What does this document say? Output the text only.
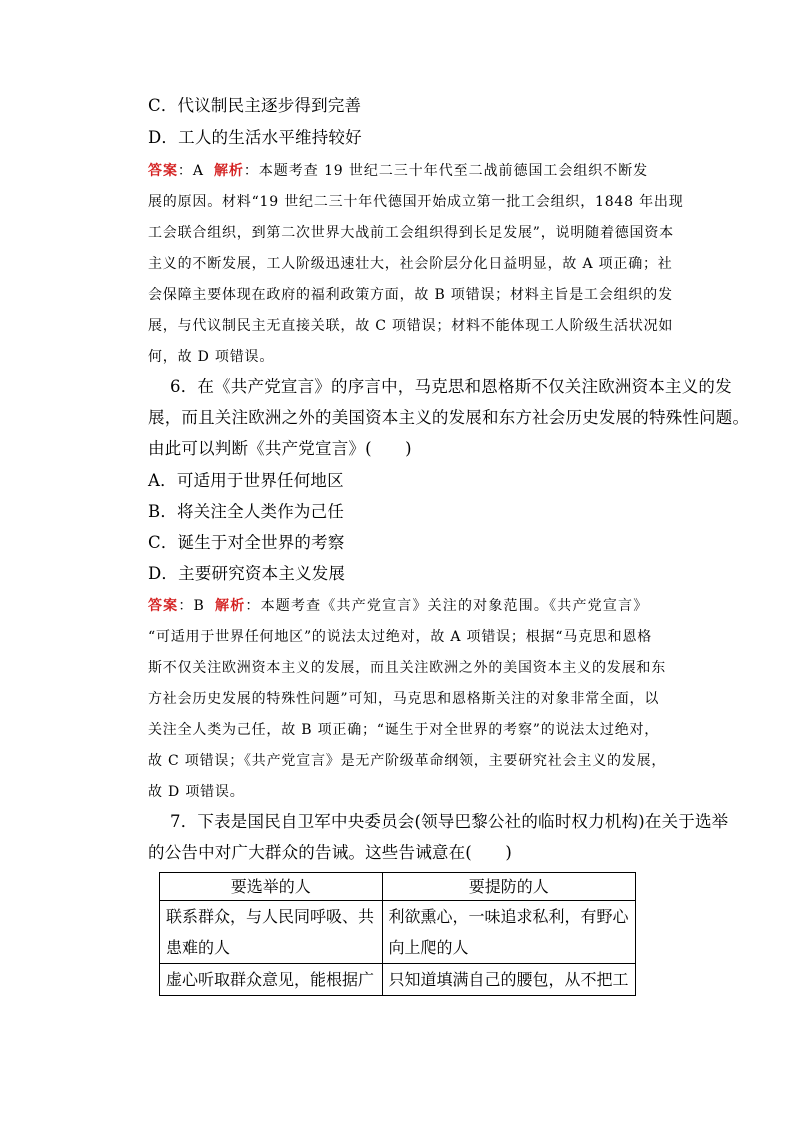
C．代议制民主逐步得到完善
D．工人的生活水平维持较好
答案：A 解析：本题考查 19 世纪二三十年代至二战前德国工会组织不断发
展的原因。材料“19 世纪二三十年代德国开始成立第一批工会组织，1848 年出现
工会联合组织，到第二次世界大战前工会组织得到长足发展”，说明随着德国资本
主义的不断发展，工人阶级迅速壮大，社会阶层分化日益明显，故 A 项正确；社
会保障主要体现在政府的福利政策方面，故 B 项错误；材料主旨是工会组织的发
展，与代议制民主无直接关联，故 C 项错误；材料不能体现工人阶级生活状况如
何，故 D 项错误。
6．在《共产党宣言》的序言中，马克思和恩格斯不仅关注欧洲资本主义的发
展，而且关注欧洲之外的美国资本主义的发展和东方社会历史发展的特殊性问题。
由此可以判断《共产党宣言》(　　)
A．可适用于世界任何地区
B．将关注全人类作为己任
C．诞生于对全世界的考察
D．主要研究资本主义发展
答案：B 解析：本题考查《共产党宣言》关注的对象范围。《共产党宣言》
“可适用于世界任何地区”的说法太过绝对，故 A 项错误；根据“马克思和恩格
斯不仅关注欧洲资本主义的发展，而且关注欧洲之外的美国资本主义的发展和东
方社会历史发展的特殊性问题”可知，马克思和恩格斯关注的对象非常全面，以
关注全人类为己任，故 B 项正确；“诞生于对全世界的考察”的说法太过绝对，
故 C 项错误；《共产党宣言》是无产阶级革命纲领，主要研究社会主义的发展，
故 D 项错误。
7．下表是国民自卫军中央委员会(领导巴黎公社的临时权力机构)在关于选举
的公告中对广大群众的告诫。这些告诫意在(　　)
要选举的人	要提防的人
联系群众，与人民同呼吸、共患难的人	利欲熏心，一味追求私利，有野心向上爬的人
虚心听取群众意见，能根据广	只知道填满自己的腰包，从不把工
